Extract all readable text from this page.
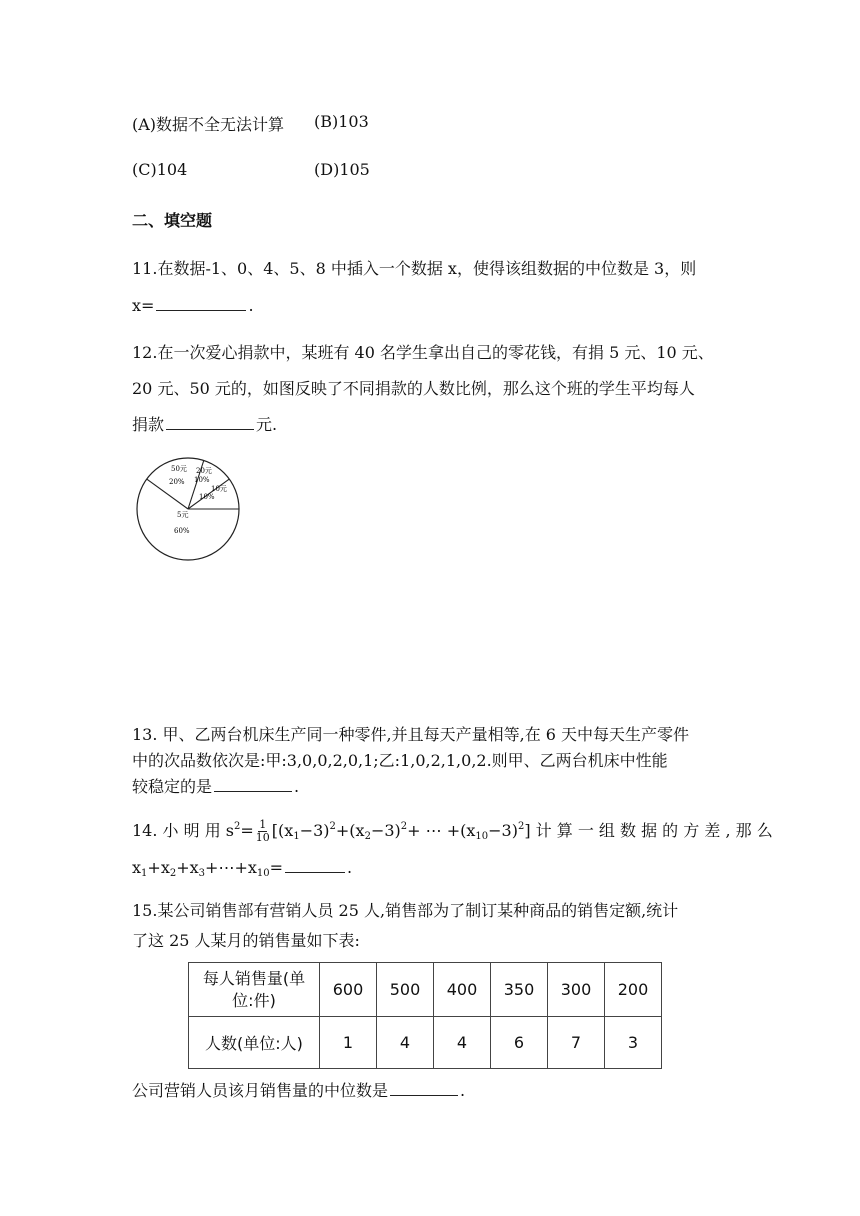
(A)数据不全无法计算 (B)103
(C)104	(D)105
二、填空题
11.在数据-1、0、4、5、8 中插入一个数据 x，使得该组数据的中位数是 3，则
x=	.
12.在一次爱心捐款中，某班有 40 名学生拿出自己的零花钱，有捐 5 元、10 元、
20 元、50 元的，如图反映了不同捐款的人数比例，那么这个班的学生平均每人
捐款	元.
50元
20%
20元
10%
10元
10%
5元
60%
13. 甲、乙两台机床生产同一种零件,并且每天产量相等,在 6 天中每天生产零件
中的次品数依次是:甲:3,0,0,2,0,1;乙:1,0,2,1,0,2.则甲、乙两台机床中性能
较稳定的是	.
14. 小 明 用 $s^2= \frac{1}{10} [(x_1-3)^2+(x_2-3)^2+$ ⋯ $+(x_{10}-3)^2$] 计 算 一 组 数 据 的 方 差 , 那 么
$x_1+x_2+x_3+\cdots+x_{10}=$	.
15.某公司销售部有营销人员 25 人,销售部为了制订某种商品的销售定额,统计
了这 25 人某月的销售量如下表:
每人销售量(单
位:件)	600	500	400	350	300	200
人数(单位:人)	1	4	4	6	7	3
公司营销人员该月销售量的中位数是	.
